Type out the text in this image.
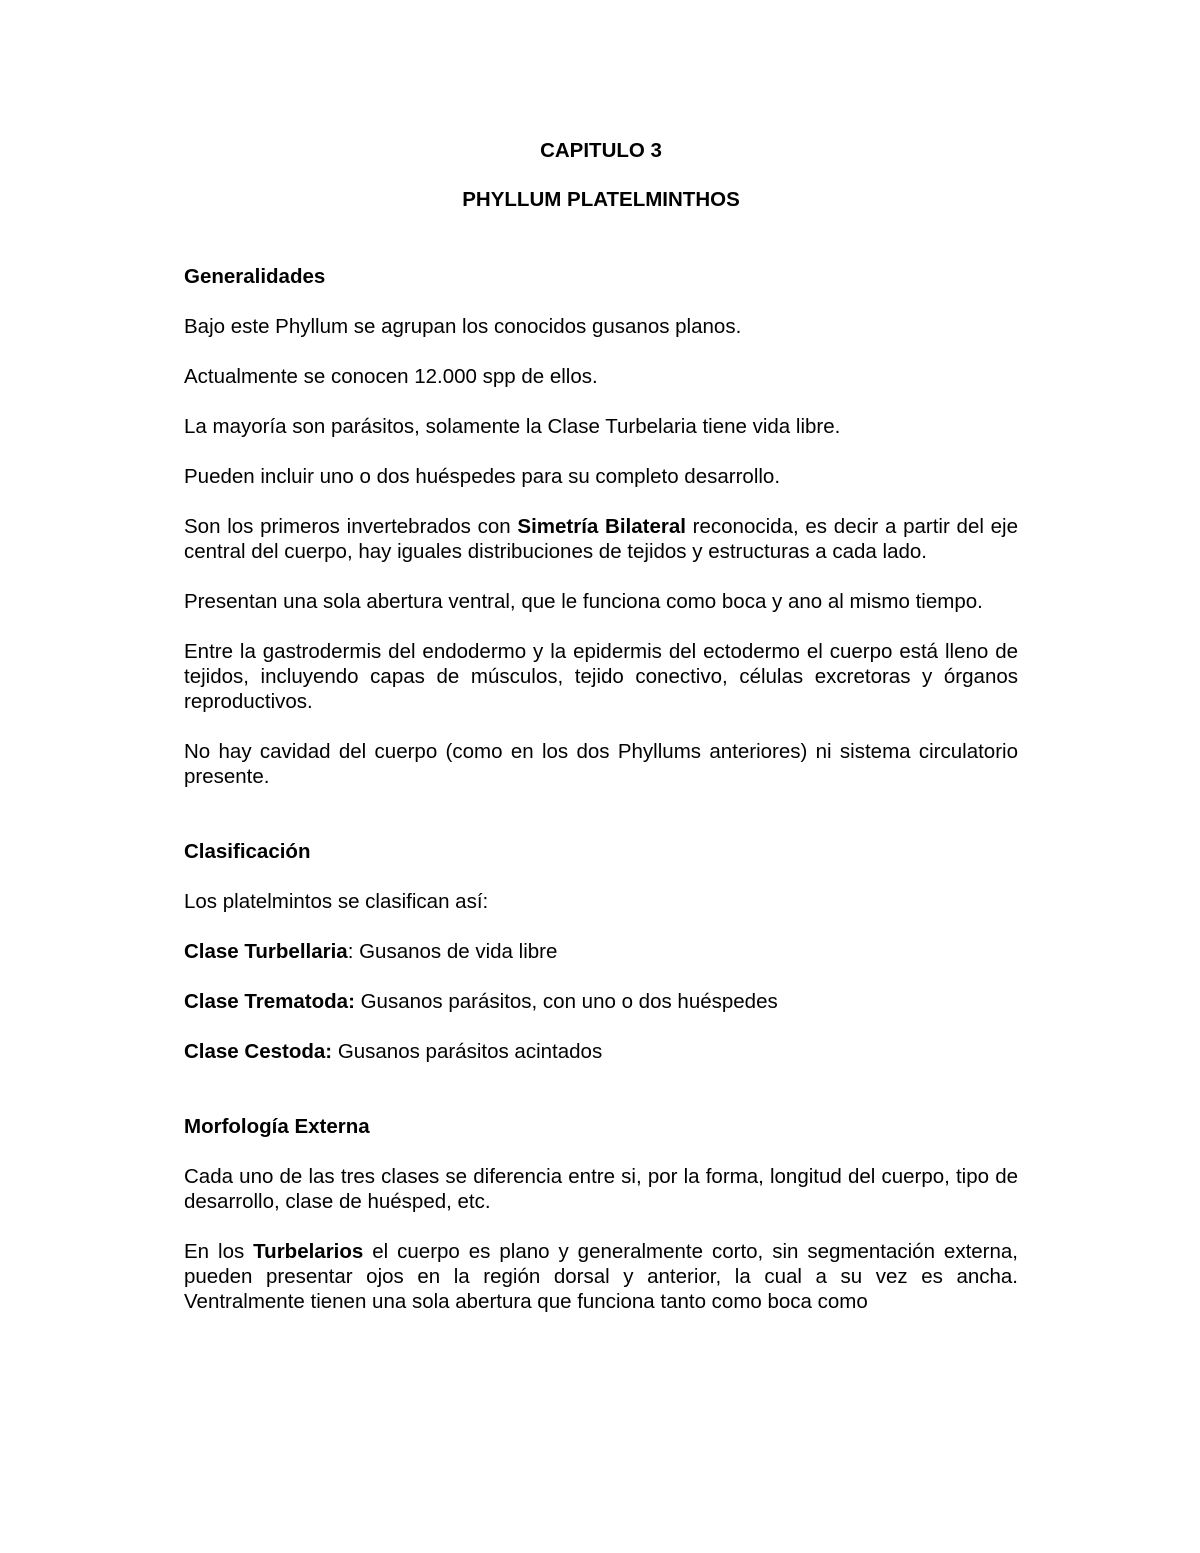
CAPITULO 3
PHYLLUM PLATELMINTHOS
Generalidades

Bajo este Phyllum se agrupan los conocidos gusanos planos.

Actualmente se conocen 12.000 spp de ellos.

La mayoría son parásitos, solamente la Clase Turbelaria tiene vida libre.

Pueden incluir uno o dos huéspedes para su completo desarrollo.

Son los primeros invertebrados con Simetría Bilateral reconocida, es decir a partir del eje central del cuerpo, hay iguales distribuciones de tejidos y estructuras a cada lado.

Presentan una sola abertura ventral, que le funciona como boca y ano al mismo tiempo.

Entre la gastrodermis del endodermo y la epidermis del ectodermo el cuerpo está lleno de tejidos, incluyendo capas de músculos, tejido conectivo, células excretoras y órganos reproductivos.

No hay cavidad del cuerpo (como en los dos Phyllums anteriores) ni sistema circulatorio presente.

Clasificación

Los platelmintos se clasifican así:

Clase Turbellaria: Gusanos de vida libre

Clase Trematoda: Gusanos parásitos, con uno o dos huéspedes

Clase Cestoda: Gusanos parásitos acintados

Morfología Externa

Cada uno de las tres clases se diferencia entre si, por la forma, longitud del cuerpo, tipo de desarrollo, clase de huésped, etc.

En los Turbelarios el cuerpo es plano y generalmente corto, sin segmentación externa, pueden presentar ojos en la región dorsal y anterior, la cual a su vez es ancha. Ventralmente tienen una sola abertura que funciona tanto como boca como
